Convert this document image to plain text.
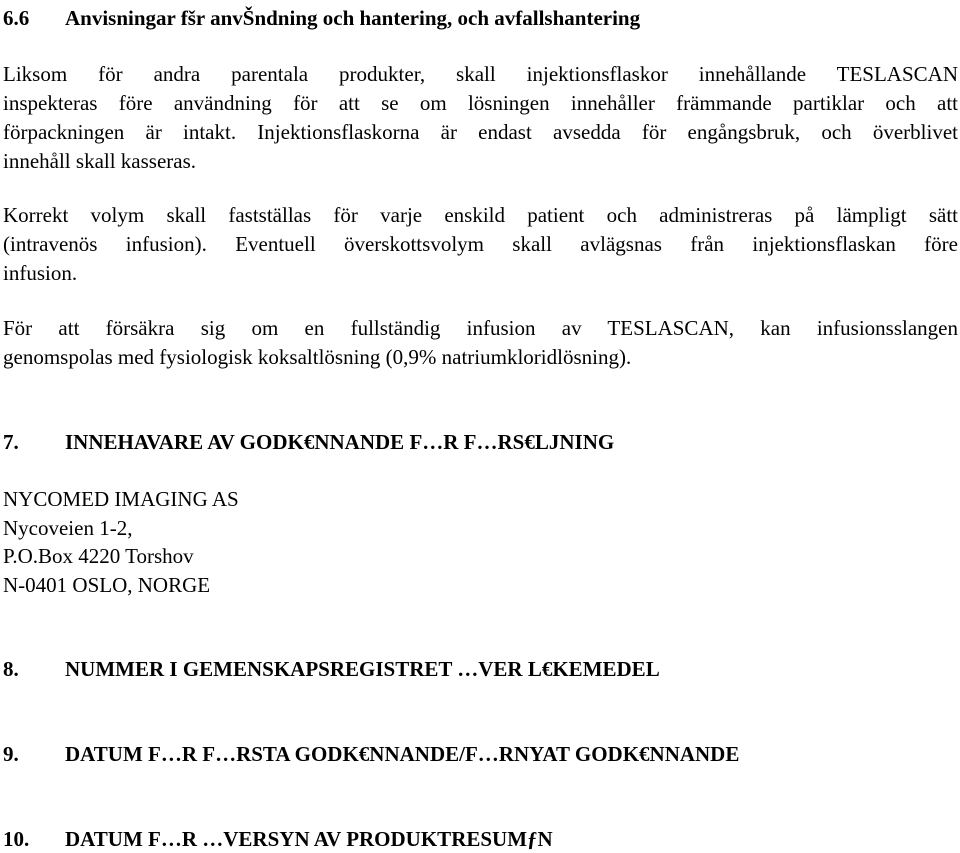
6.6 Anvisningar fšr anvŠndning och hantering, och avfallshantering
Liksom för andra parentala produkter, skall injektionsflaskor innehållande TESLASCAN
inspekteras före användning för att se om lösningen innehåller främmande partiklar och att
förpackningen är intakt. Injektionsflaskorna är endast avsedda för engångsbruk, och överblivet
innehåll skall kasseras.
Korrekt volym skall fastställas för varje enskild patient och administreras på lämpligt sätt
(intravenös infusion). Eventuell överskottsvolym skall avlägsnas från injektionsflaskan före
infusion.
För att försäkra sig om en fullständig infusion av TESLASCAN, kan infusionsslangen
genomspolas med fysiologisk koksaltlösning (0,9% natriumkloridlösning).
7. INNEHAVARE AV GODK€NNANDE F…R F…RS€LJNING
NYCOMED IMAGING AS
Nycoveien 1-2,
P.O.Box 4220 Torshov
N-0401 OSLO, NORGE
8. NUMMER I GEMENSKAPSREGISTRET …VER L€KEMEDEL
9. DATUM F…R F…RSTA GODK€NNANDE/F…RNYAT GODK€NNANDE
10. DATUM F…R …VERSYN AV PRODUKTRESUMƒN
